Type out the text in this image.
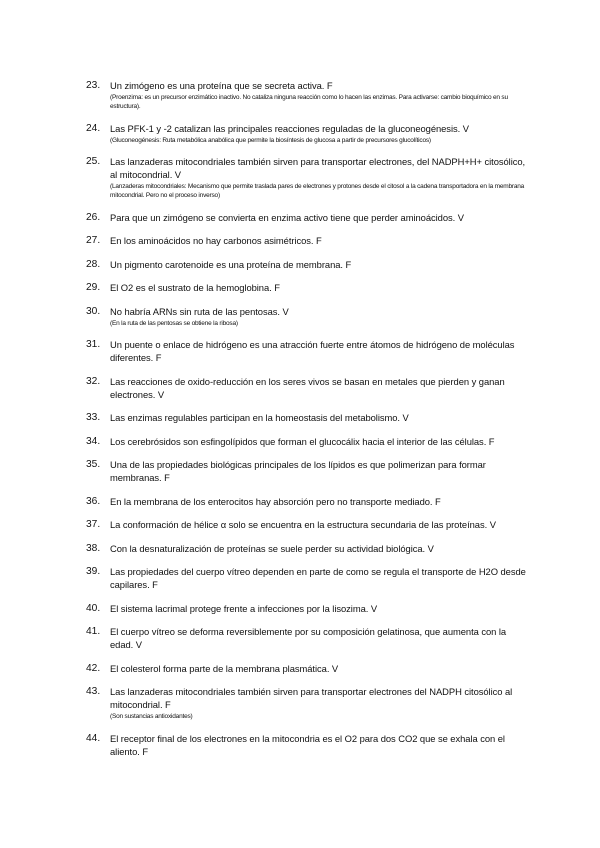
23. Un zimógeno es una proteína que se secreta activa. F
(Proenzima: es un precursor enzimático inactivo. No cataliza ninguna reacción como lo hacen las enzimas. Para activarse: cambio bioquímico en su estructura).
24. Las PFK-1 y -2 catalizan las principales reacciones reguladas de la gluconeogénesis. V
(Gluconeogénesis: Ruta metabólica anabólica que permite la biosíntesis de glucosa a partir de precursores glucolíticos)
25. Las lanzaderas mitocondriales también sirven para transportar electrones, del NADPH+H+ citosólico, al mitocondrial. V
(Lanzaderas mitocondriales: Mecanismo que permite traslada pares de electrones y protones desde el citosol a la cadena transportadora en la membrana mitocondrial. Pero no el proceso inverso)
26. Para que un zimógeno se convierta en enzima activo tiene que perder aminoácidos. V
27. En los aminoácidos no hay carbonos asimétricos. F
28. Un pigmento carotenoide es una proteína de membrana. F
29. El O2 es el sustrato de la hemoglobina. F
30. No habría ARNs sin ruta de las pentosas. V
(En la ruta de las pentosas se obtiene la ribosa)
31. Un puente o enlace de hidrógeno es una atracción fuerte entre átomos de hidrógeno de moléculas diferentes. F
32. Las reacciones de oxido-reducción en los seres vivos se basan en metales que pierden y ganan electrones. V
33. Las enzimas regulables participan en la homeostasis del metabolismo. V
34. Los cerebrósidos son esfingolípidos que forman el glucocálix hacia el interior de las células. F
35. Una de las propiedades biológicas principales de los lípidos es que polimerizan para formar membranas. F
36. En la membrana de los enterocitos hay absorción pero no transporte mediado. F
37. La conformación de hélice α solo se encuentra en la estructura secundaria de las proteínas. V
38. Con la desnaturalización de proteínas se suele perder su actividad biológica. V
39. Las propiedades del cuerpo vítreo dependen en parte de como se regula el transporte de H2O desde capilares. F
40. El sistema lacrimal protege frente a infecciones por la lisozima. V
41. El cuerpo vítreo se deforma reversiblemente por su composición gelatinosa, que aumenta con la edad. V
42. El colesterol forma parte de la membrana plasmática. V
43. Las lanzaderas mitocondriales también sirven para transportar electrones del NADPH citosólico al mitocondrial. F
(Son sustancias antioxidantes)
44. El receptor final de los electrones en la mitocondria es el O2 para dos CO2 que se exhala con el aliento. F
